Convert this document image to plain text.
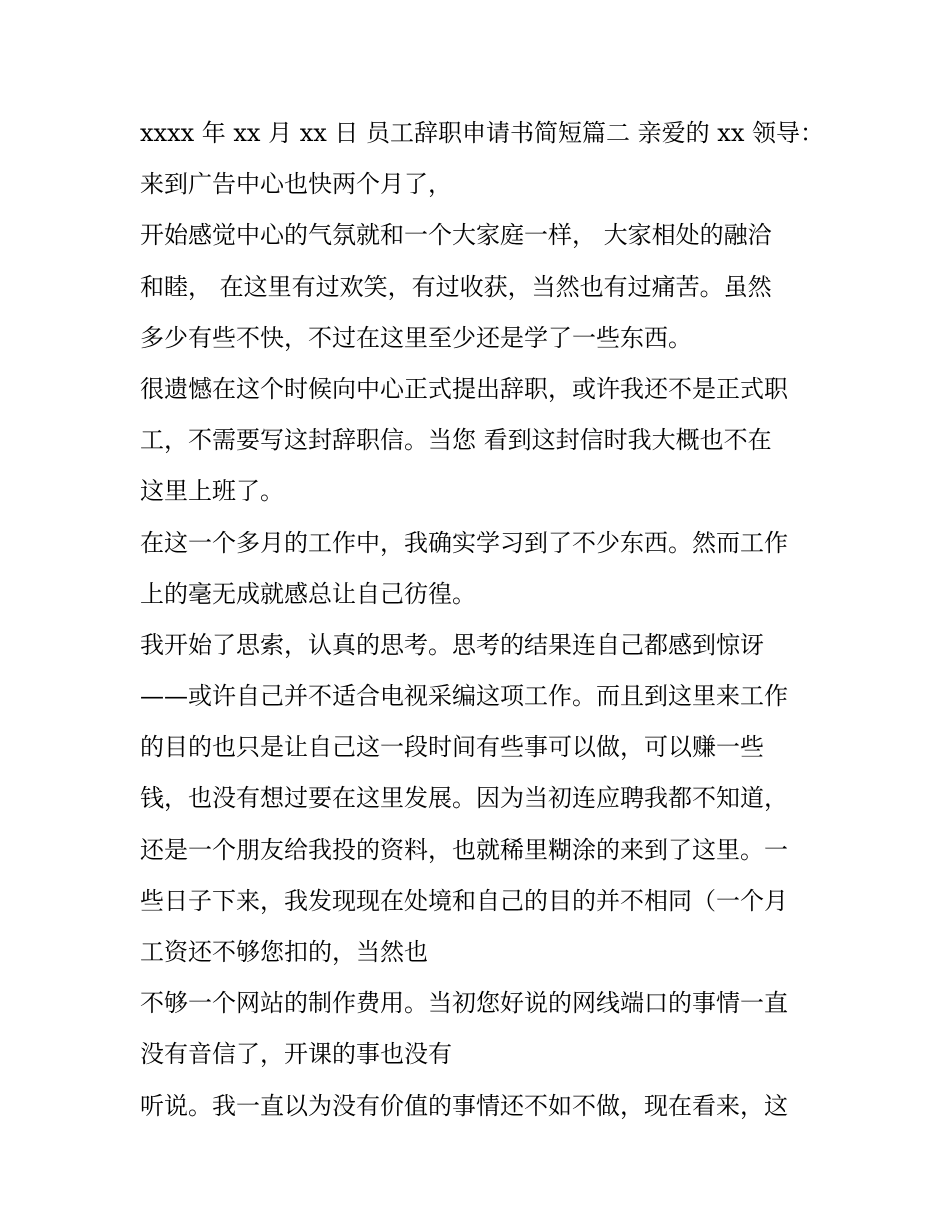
xxxx 年 xx 月 xx 日 员工辞职申请书简短篇二 亲爱的 xx 领导：
来到广告中心也快两个月了，
开始感觉中心的气氛就和一个大家庭一样， 大家相处的融洽
和睦， 在这里有过欢笑，有过收获，当然也有过痛苦。虽然
多少有些不快，不过在这里至少还是学了一些东西。
很遗憾在这个时候向中心正式提出辞职，或许我还不是正式职
工，不需要写这封辞职信。当您 看到这封信时我大概也不在
这里上班了。
在这一个多月的工作中，我确实学习到了不少东西。然而工作
上的毫无成就感总让自己彷徨。
我开始了思索，认真的思考。思考的结果连自己都感到惊讶
——或许自己并不适合电视采编这项工作。而且到这里来工作
的目的也只是让自己这一段时间有些事可以做，可以赚一些
钱，也没有想过要在这里发展。因为当初连应聘我都不知道，
还是一个朋友给我投的资料，也就稀里糊涂的来到了这里。一
些日子下来，我发现现在处境和自己的目的并不相同（一个月
工资还不够您扣的，当然也
不够一个网站的制作费用。当初您好说的网线端口的事情一直
没有音信了，开课的事也没有
听说。我一直以为没有价值的事情还不如不做，现在看来，这
